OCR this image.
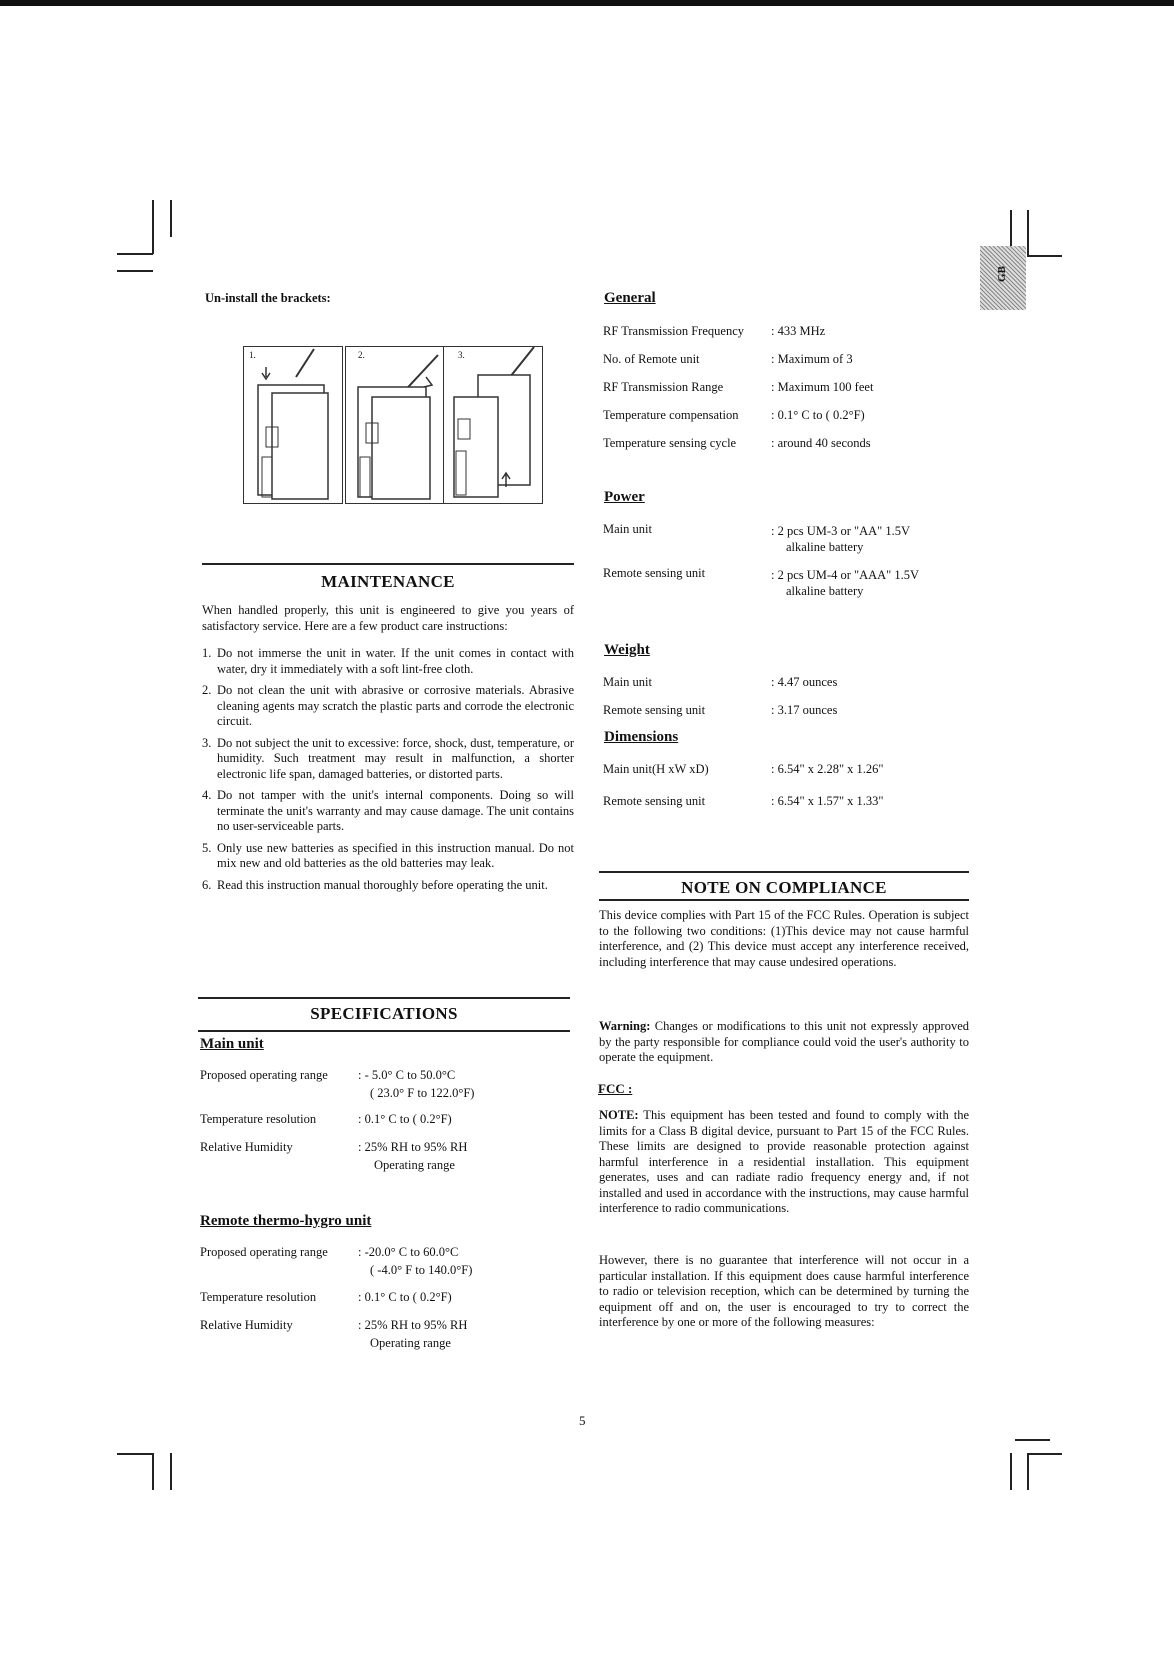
GB
Un-install the brackets:
1.	2.	3.
MAINTENANCE
When handled properly, this unit is engineered to give you years of satisfactory service. Here are a few product care instructions:
1. Do not immerse the unit in water. If the unit comes in contact with water, dry it immediately with a soft lint-free cloth.
2. Do not clean the unit with abrasive or corrosive materials. Abrasive cleaning agents may scratch the plastic parts and corrode the electronic circuit.
3. Do not subject the unit to excessive: force, shock, dust, temperature, or humidity. Such treatment may result in malfunction, a shorter electronic life span, damaged batteries, or distorted parts.
4. Do not tamper with the unit's internal components. Doing so will terminate the unit's warranty and may cause damage. The unit contains no user-serviceable parts.
5. Only use new batteries as specified in this instruction manual. Do not mix new and old batteries as the old batteries may leak.
6. Read this instruction manual thoroughly before operating the unit.
SPECIFICATIONS
Main unit
Proposed operating range : - 5.0° C to 50.0°C
( 23.0° F to 122.0°F)
Temperature resolution	: 0.1° C to ( 0.2°F)
Relative Humidity	: 25% RH to 95% RH
Operating range
Remote thermo-hygro unit
Proposed operating range : -20.0° C to 60.0°C
( -4.0° F to 140.0°F)
Temperature resolution	: 0.1° C to ( 0.2°F)
Relative Humidity	: 25% RH to 95% RH
Operating range
General
RF Transmission Frequency : 433 MHz
No. of Remote unit	: Maximum of 3
RF Transmission Range	: Maximum 100 feet
Temperature compensation	: 0.1° C to ( 0.2°F)
Temperature sensing cycle	: around 40 seconds
Power
Main unit	: 2 pcs UM-3 or "AA" 1.5V
alkaline battery
Remote sensing unit	: 2 pcs UM-4 or "AAA" 1.5V
alkaline battery
Weight
Main unit	: 4.47 ounces
Remote sensing unit	: 3.17 ounces
Dimensions
Main unit(H xW xD)	: 6.54" x 2.28" x 1.26"
Remote sensing unit	: 6.54" x 1.57" x 1.33"
NOTE ON COMPLIANCE
This device complies with Part 15 of the FCC Rules. Operation is subject to the following two conditions: (1)This device may not cause harmful interference, and (2) This device must accept any interference received, including interference that may cause undesired operations.
Warning: Changes or modifications to this unit not expressly approved by the party responsible for compliance could void the user's authority to operate the equipment.
FCC :
NOTE: This equipment has been tested and found to comply with the limits for a Class B digital device, pursuant to Part 15 of the FCC Rules. These limits are designed to provide reasonable protection against harmful interference in a residential installation. This equipment generates, uses and can radiate radio frequency energy and, if not installed and used in accordance with the instructions, may cause harmful interference to radio communications.
However, there is no guarantee that interference will not occur in a particular installation. If this equipment does cause harmful interference to radio or television reception, which can be determined by turning the equipment off and on, the user is encouraged to try to correct the interference by one or more of the following measures:
5
